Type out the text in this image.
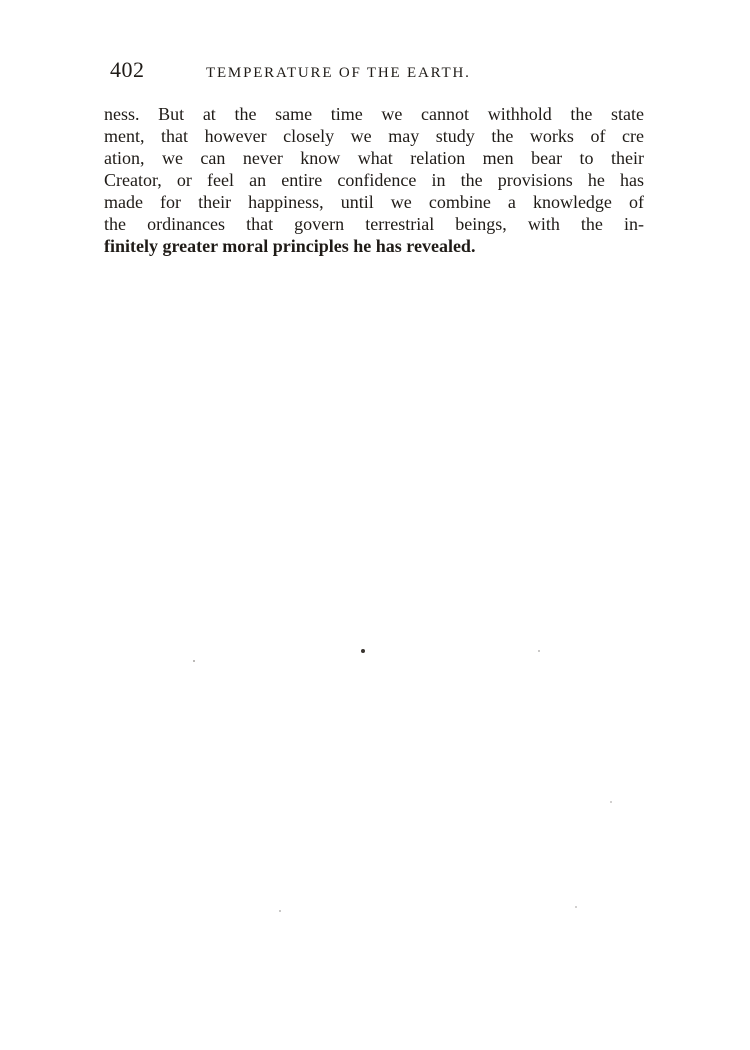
402	TEMPERATURE OF THE EARTH.
ness. But at the same time we cannot withhold the state
ment, that however closely we may study the works of cre
ation, we can never know what relation men bear to their
Creator, or feel an entire confidence in the provisions he has
made for their happiness, until we combine a knowledge of
the ordinances that govern terrestrial beings, with the in-
finitely greater moral principles he has revealed.
